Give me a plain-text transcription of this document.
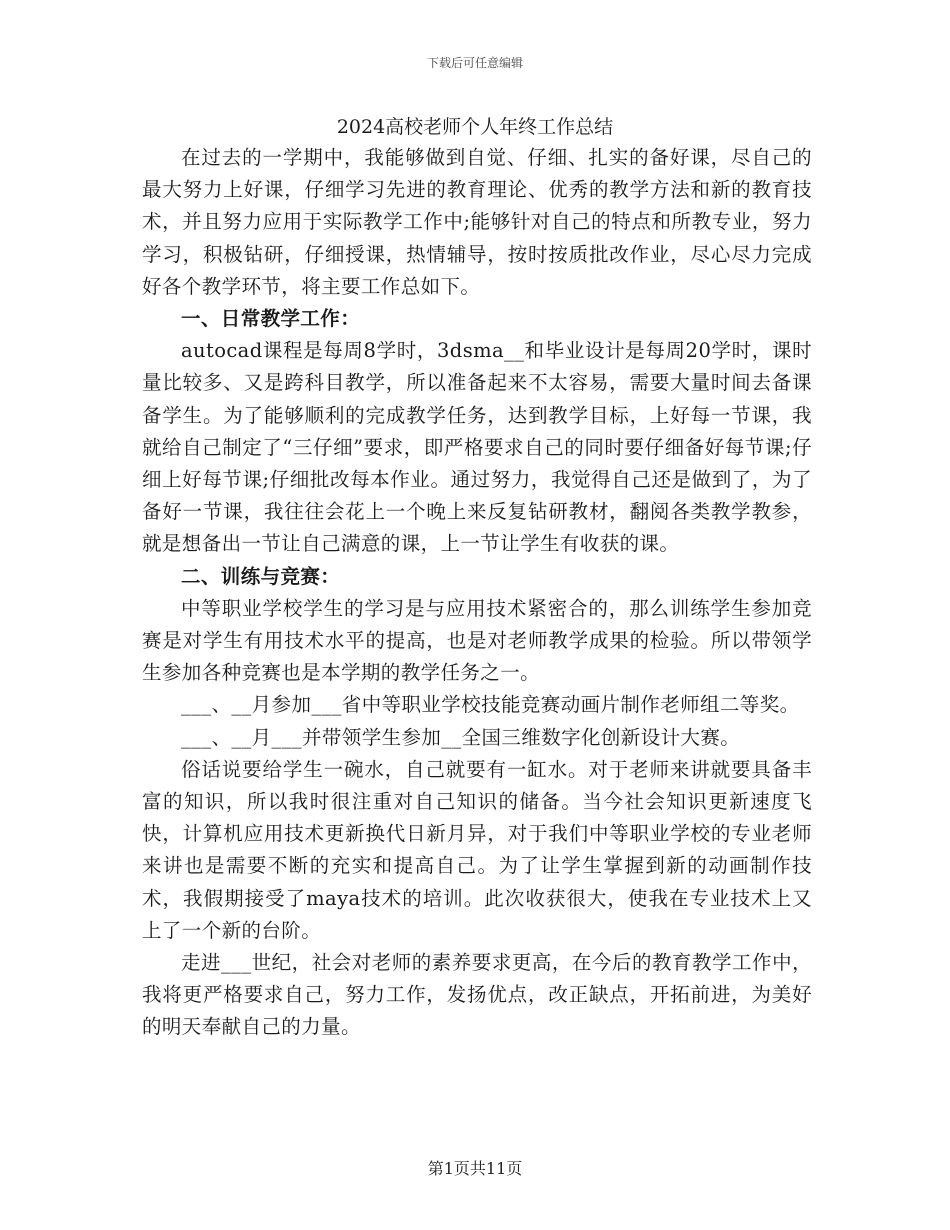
下载后可任意编辑
2024高校老师个人年终工作总结

在过去的一学期中，我能够做到自觉、仔细、扎实的备好课，尽自己的最大努力上好课，仔细学习先进的教育理论、优秀的教学方法和新的教育技术，并且努力应用于实际教学工作中;能够针对自己的特点和所教专业，努力学习，积极钻研，仔细授课，热情辅导，按时按质批改作业，尽心尽力完成好各个教学环节，将主要工作总如下。

一、日常教学工作：

autocad课程是每周8学时，3dsma__和毕业设计是每周20学时，课时量比较多、又是跨科目教学，所以准备起来不太容易，需要大量时间去备课备学生。为了能够顺利的完成教学任务，达到教学目标，上好每一节课，我就给自己制定了“三仔细”要求，即严格要求自己的同时要仔细备好每节课;仔细上好每节课;仔细批改每本作业。通过努力，我觉得自己还是做到了，为了备好一节课，我往往会花上一个晚上来反复钻研教材，翻阅各类教学教参，就是想备出一节让自己满意的课，上一节让学生有收获的课。

二、训练与竞赛：

中等职业学校学生的学习是与应用技术紧密合的，那么训练学生参加竞赛是对学生有用技术水平的提高，也是对老师教学成果的检验。所以带领学生参加各种竞赛也是本学期的教学任务之一。

___、__月参加___省中等职业学校技能竞赛动画片制作老师组二等奖。

___、__月___并带领学生参加__全国三维数字化创新设计大赛。

俗话说要给学生一碗水，自己就要有一缸水。对于老师来讲就要具备丰富的知识，所以我时很注重对自己知识的储备。当今社会知识更新速度飞快，计算机应用技术更新换代日新月异，对于我们中等职业学校的专业老师来讲也是需要不断的充实和提高自己。为了让学生掌握到新的动画制作技术，我假期接受了maya技术的培训。此次收获很大，使我在专业技术上又上了一个新的台阶。

走进___世纪，社会对老师的素养要求更高，在今后的教育教学工作中，我将更严格要求自己，努力工作，发扬优点，改正缺点，开拓前进，为美好的明天奉献自己的力量。

第1页共11页
